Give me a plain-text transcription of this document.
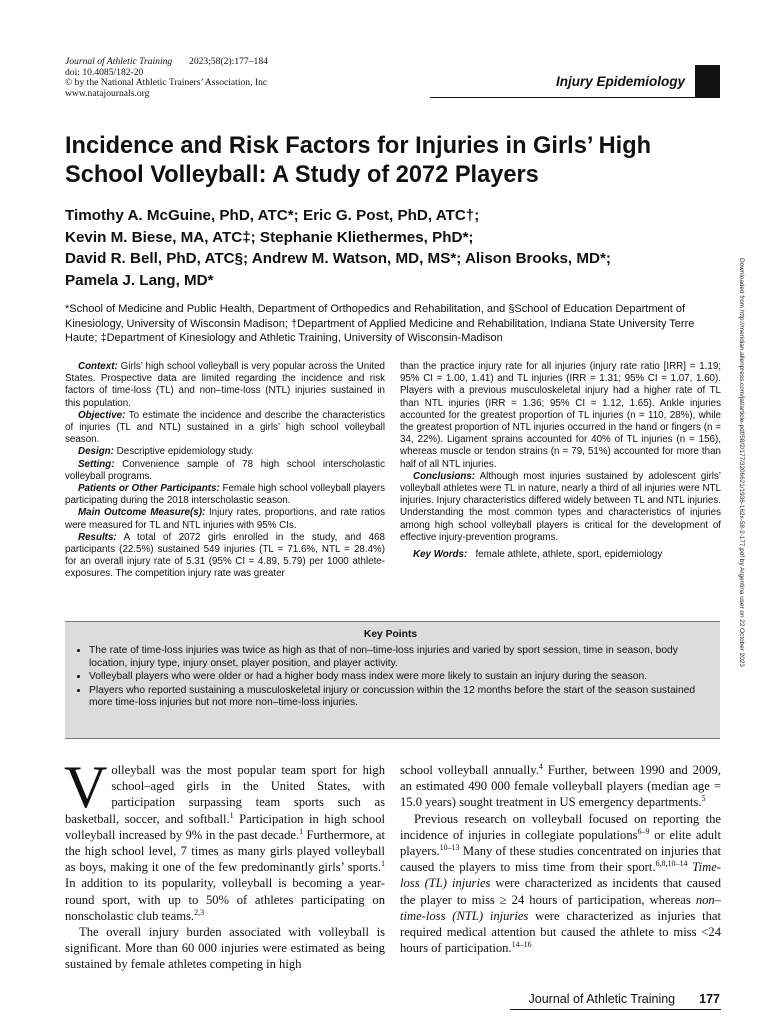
Journal of Athletic Training 2023;58(2):177–184
doi: 10.4085/182-20
© by the National Athletic Trainers’ Association, Inc
www.natajournals.org
Injury Epidemiology
Incidence and Risk Factors for Injuries in Girls’ High School Volleyball: A Study of 2072 Players
Timothy A. McGuine, PhD, ATC*; Eric G. Post, PhD, ATC†;
Kevin M. Biese, MA, ATC‡; Stephanie Kliethermes, PhD*;
David R. Bell, PhD, ATC§; Andrew M. Watson, MD, MS*; Alison Brooks, MD*;
Pamela J. Lang, MD*
*School of Medicine and Public Health, Department of Orthopedics and Rehabilitation, and §School of Education Department of Kinesiology, University of Wisconsin Madison; †Department of Applied Medicine and Rehabilitation, Indiana State University Terre Haute; ‡Department of Kinesiology and Athletic Training, University of Wisconsin-Madison	Downloaded from http://meridian.allenpress.com/jat/article-pdf/58/2/177/3206621/1936-162x-58-2-177.pdf by Argentina user on 22 October 2023

Context: Girls’ high school volleyball is very popular across the United States. Prospective data are limited regarding the incidence and risk factors of time-loss (TL) and non–time-loss (NTL) injuries sustained in this population.

Objective: To estimate the incidence and describe the characteristics of injuries (TL and NTL) sustained in a girls’ high school volleyball season.

Design: Descriptive epidemiology study.

Setting: Convenience sample of 78 high school interscholastic volleyball programs.

Patients or Other Participants: Female high school volleyball players participating during the 2018 interscholastic season.

Main Outcome Measure(s): Injury rates, proportions, and rate ratios were measured for TL and NTL injuries with 95% CIs.

Results: A total of 2072 girls enrolled in the study, and 468 participants (22.5%) sustained 549 injuries (TL = 71.6%, NTL = 28.4%) for an overall injury rate of 5.31 (95% CI = 4.89, 5.79) per 1000 athlete-exposures. The competition injury rate was greater

than the practice injury rate for all injuries (injury rate ratio [IRR] = 1.19; 95% CI = 1.00, 1.41) and TL injuries (IRR = 1.31; 95% CI = 1.07, 1.60). Players with a previous musculoskeletal injury had a higher rate of TL than NTL injuries (IRR = 1.36; 95% CI = 1.12, 1.65). Ankle injuries accounted for the greatest proportion of TL injuries (n = 110, 28%), while the greatest proportion of NTL injuries occurred in the hand or fingers (n = 34, 22%). Ligament sprains accounted for 40% of TL injuries (n = 156), whereas muscle or tendon strains (n = 79, 51%) accounted for more than half of all NTL injuries.

Conclusions: Although most injuries sustained by adolescent girls’ volleyball athletes were TL in nature, nearly a third of all injuries were NTL injuries. Injury characteristics differed widely between TL and NTL injuries. Understanding the most common types and characteristics of injuries among high school volleyball players is critical for the development of effective injury-prevention programs.

Key Words: female athlete, athlete, sport, epidemiology

Key Points
• The rate of time-loss injuries was twice as high as that of non–time-loss injuries and varied by sport session, time in season, body location, injury type, injury onset, player position, and player activity.
• Volleyball players who were older or had a higher body mass index were more likely to sustain an injury during the season.
• Players who reported sustaining a musculoskeletal injury or concussion within the 12 months before the start of the season sustained more time-loss injuries but not more non–time-loss injuries.

Volleyball was the most popular team sport for high school–aged girls in the United States, with participation surpassing team sports such as basketball, soccer, and softball.$^1$ Participation in high school volleyball increased by 9% in the past decade.$^1$ Furthermore, at the high school level, 7 times as many girls played volleyball as boys, making it one of the few predominantly girls’ sports.$^1$ In addition to its popularity, volleyball is becoming a year-round sport, with up to 50% of athletes participating on nonscholastic club teams.$^{2,3}$

The overall injury burden associated with volleyball is significant. More than 60 000 injuries were estimated as being sustained by female athletes competing in high

school volleyball annually.$^4$ Further, between 1990 and 2009, an estimated 490 000 female volleyball players (median age = 15.0 years) sought treatment in US emergency departments.$^5$

Previous research on volleyball focused on reporting the incidence of injuries in collegiate populations$^{6-9}$ or elite adult players.$^{10-13}$ Many of these studies concentrated on injuries that caused the players to miss time from their sport.$^{6,8,10-14}$ Time-loss (TL) injuries were characterized as incidents that caused the player to miss ≥ 24 hours of participation, whereas non–time-loss (NTL) injuries were characterized as injuries that required medical attention but caused the athlete to miss <24 hours of participation.$^{14-16}$

Journal of Athletic Training 177
